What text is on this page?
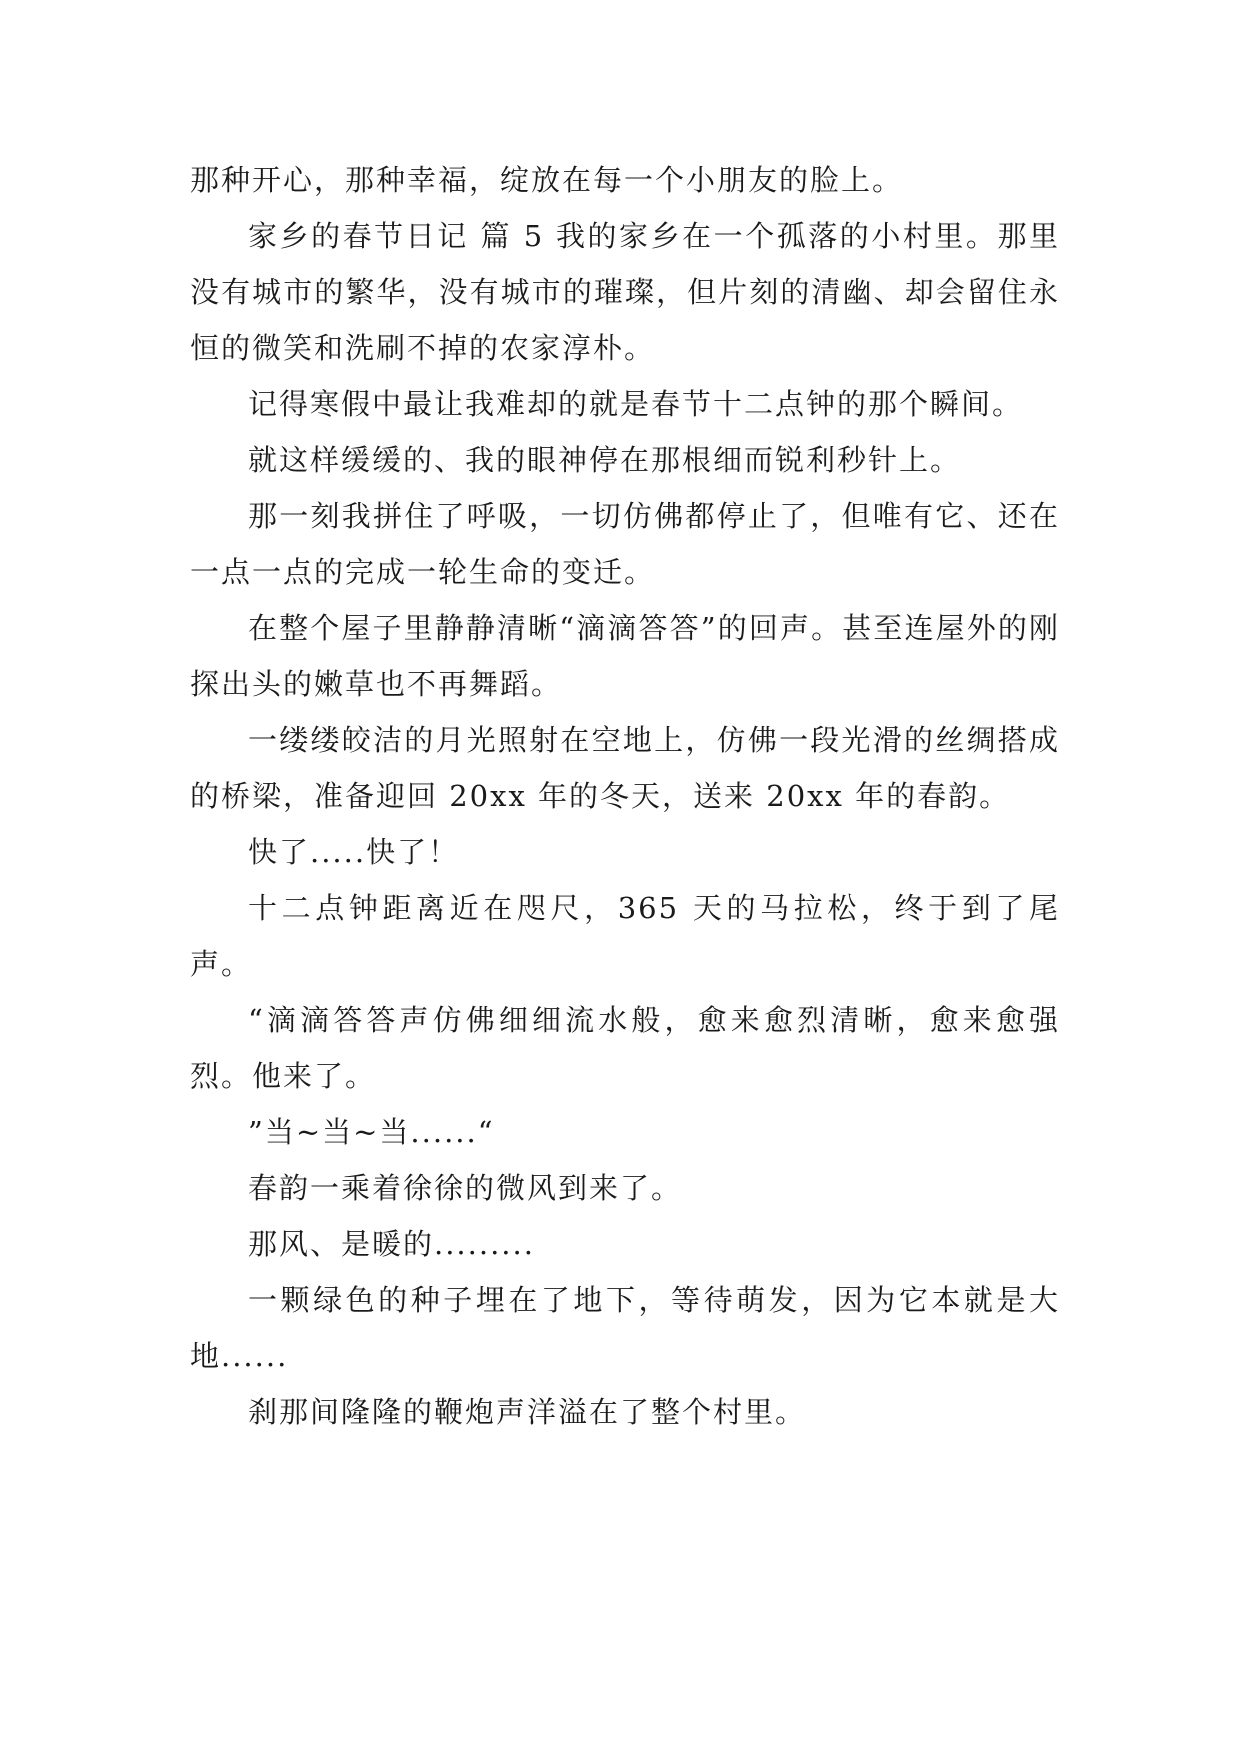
那种开心，那种幸福，绽放在每一个小朋友的脸上。

家乡的春节日记 篇 5 我的家乡在一个孤落的小村里。那里没有城市的繁华，没有城市的璀璨，但片刻的清幽、却会留住永恒的微笑和洗刷不掉的农家淳朴。

记得寒假中最让我难却的就是春节十二点钟的那个瞬间。

就这样缓缓的、我的眼神停在那根细而锐利秒针上。

那一刻我拼住了呼吸，一切仿佛都停止了，但唯有它、还在一点一点的完成一轮生命的变迁。

在整个屋子里静静清晰“滴滴答答”的回声。甚至连屋外的刚探出头的嫩草也不再舞蹈。

一缕缕皎洁的月光照射在空地上，仿佛一段光滑的丝绸搭成的桥梁，准备迎回 20xx 年的冬天，送来 20xx 年的春韵。

快了.....快了！

十二点钟距离近在咫尺，365 天的马拉松，终于到了尾声。

“滴滴答答声仿佛细细流水般，愈来愈烈清晰，愈来愈强烈。他来了。

”当~当~当......“

春韵一乘着徐徐的微风到来了。

那风、是暖的.........

一颗绿色的种子埋在了地下，等待萌发，因为它本就是大地......

刹那间隆隆的鞭炮声洋溢在了整个村里。
